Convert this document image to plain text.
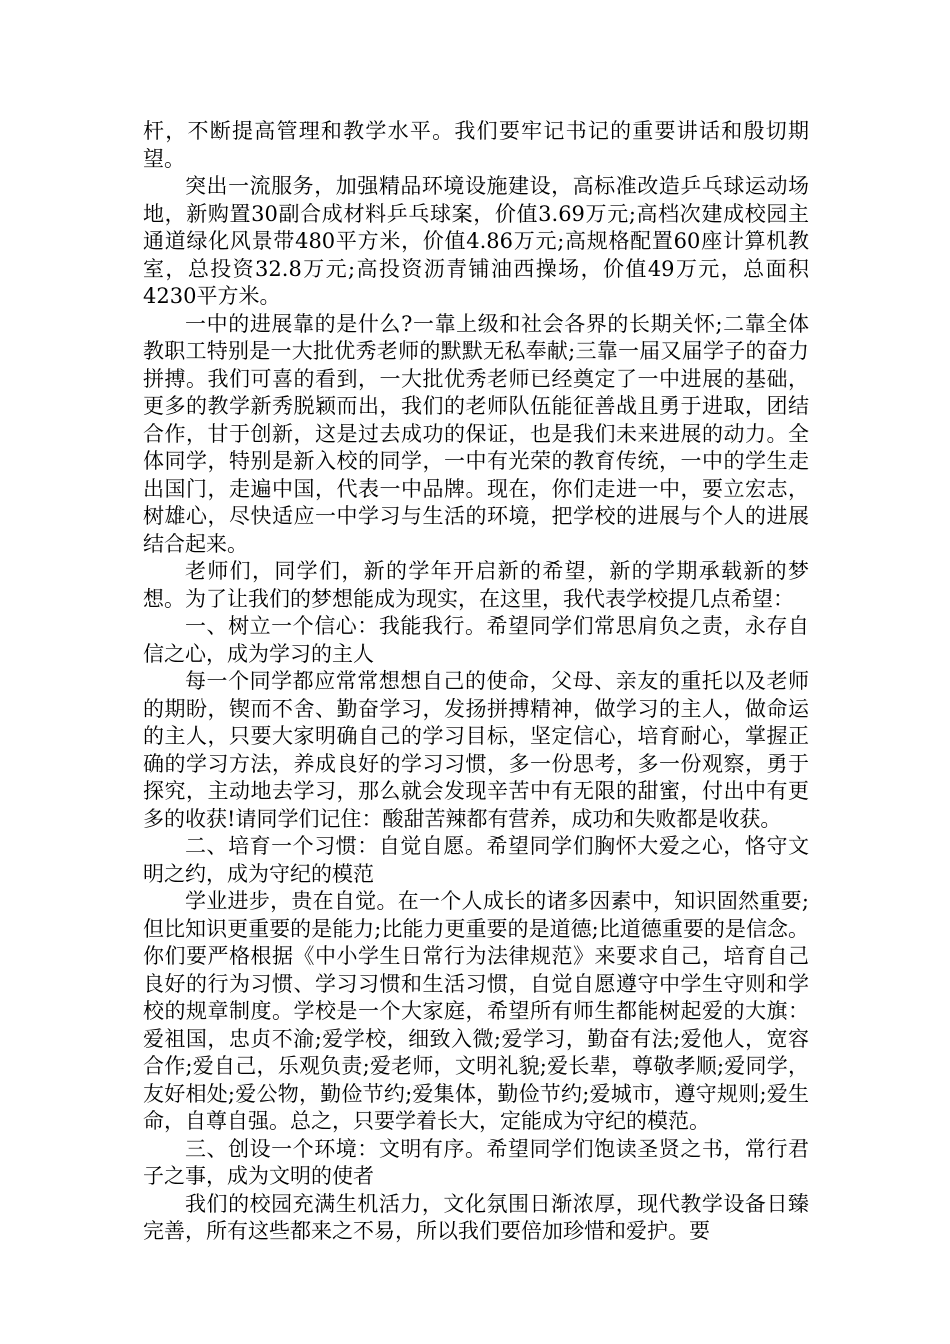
杆，不断提高管理和教学水平。我们要牢记书记的重要讲话和殷切期望。

突出一流服务，加强精品环境设施建设，高标准改造乒乓球运动场地，新购置30副合成材料乒乓球案，价值3.69万元;高档次建成校园主通道绿化风景带480平方米，价值4.86万元;高规格配置60座计算机教室，总投资32.8万元;高投资沥青铺油西操场，价值49万元，总面积4230平方米。

一中的进展靠的是什么?一靠上级和社会各界的长期关怀;二靠全体教职工特别是一大批优秀老师的默默无私奉献;三靠一届又届学子的奋力拼搏。我们可喜的看到，一大批优秀老师已经奠定了一中进展的基础，更多的教学新秀脱颖而出，我们的老师队伍能征善战且勇于进取，团结合作，甘于创新，这是过去成功的保证，也是我们未来进展的动力。全体同学，特别是新入校的同学，一中有光荣的教育传统，一中的学生走出国门，走遍中国，代表一中品牌。现在，你们走进一中，要立宏志，树雄心，尽快适应一中学习与生活的环境，把学校的进展与个人的进展结合起来。

老师们，同学们，新的学年开启新的希望，新的学期承载新的梦想。为了让我们的梦想能成为现实，在这里，我代表学校提几点希望：

一、树立一个信心：我能我行。希望同学们常思肩负之责，永存自信之心，成为学习的主人

每一个同学都应常常想想自己的使命，父母、亲友的重托以及老师的期盼，锲而不舍、勤奋学习，发扬拼搏精神，做学习的主人，做命运的主人，只要大家明确自己的学习目标，坚定信心，培育耐心，掌握正确的学习方法，养成良好的学习习惯，多一份思考，多一份观察，勇于探究，主动地去学习，那么就会发现辛苦中有无限的甜蜜，付出中有更多的收获!请同学们记住：酸甜苦辣都有营养，成功和失败都是收获。

二、培育一个习惯：自觉自愿。希望同学们胸怀大爱之心，恪守文明之约，成为守纪的模范

学业进步，贵在自觉。在一个人成长的诸多因素中，知识固然重要;但比知识更重要的是能力;比能力更重要的是道德;比道德重要的是信念。你们要严格根据《中小学生日常行为法律规范》来要求自己，培育自己良好的行为习惯、学习习惯和生活习惯，自觉自愿遵守中学生守则和学校的规章制度。学校是一个大家庭，希望所有师生都能树起爱的大旗：爱祖国，忠贞不渝;爱学校，细致入微;爱学习，勤奋有法;爱他人，宽容合作;爱自己，乐观负责;爱老师，文明礼貌;爱长辈，尊敬孝顺;爱同学，友好相处;爱公物，勤俭节约;爱集体，勤俭节约;爱城市，遵守规则;爱生命，自尊自强。总之，只要学着长大，定能成为守纪的模范。

三、创设一个环境：文明有序。希望同学们饱读圣贤之书，常行君子之事，成为文明的使者

我们的校园充满生机活力，文化氛围日渐浓厚，现代教学设备日臻完善，所有这些都来之不易，所以我们要倍加珍惜和爱护。要
